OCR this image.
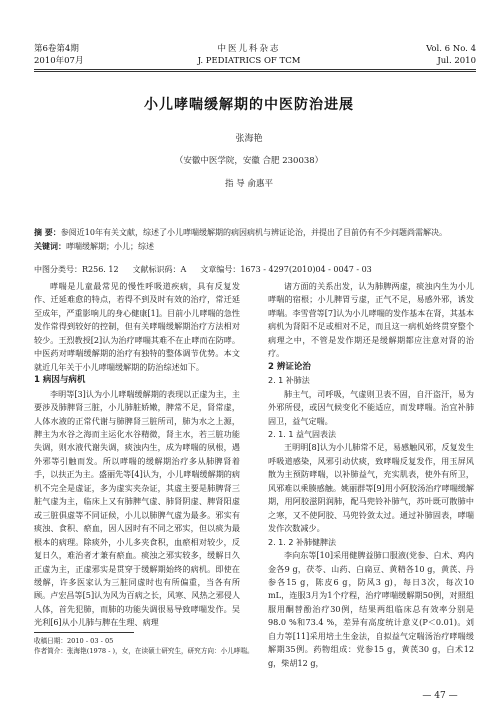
第6卷第4期
2010年07月
中医儿科杂志
J. PEDIATRICS OF TCM
Vol. 6 No. 4
Jul. 2010
小儿哮喘缓解期的中医防治进展
张海艳
（安徽中医学院，安徽 合肥 230038）
指 导 俞惠平
摘 要：参阅近10年有关文献，综述了小儿哮喘缓解期的病因病机与辨证论治，并提出了目前仍有不少问题尚需解决。
关键词：哮喘缓解期；小儿；综述
中图分类号：R256. 12 文献标识码：A 文章编号：1673 - 4297(2010)04 - 0047 - 03

哮喘是儿童最常见的慢性呼吸道疾病，具有反复发作、迁延难愈的特点，若得不到及时有效的治疗，常迁延至成年，严重影响儿的身心健康[1]。目前小儿哮喘的急性发作常得到较好的控制，但有关哮喘缓解期治疗方法相对较少。王烈教授[2]认为治疗哮喘其难不在止哮而在防哮。中医药对哮喘缓解期的治疗有独特的整体调节优势。本文就近几年关于小儿哮喘缓解期的防治综述如下。

1 病因与病机

李明等[3]认为小儿哮喘缓解期的表现以正虚为主，主要涉及肺脾肾三脏，小儿肺脏娇嫩，脾常不足，肾常虚，人体水液的正常代谢与肺脾肾三脏所司，肺为水之上源，脾主为水谷之海而主运化水谷精微，肾主水，若三脏功能失调，则水液代谢失调，痰浊内生，成为哮喘的夙根，遇外邪等引触而发。所以哮喘的缓解期治疗多从肺脾肾着手，以扶正为主。盛丽先等[4]认为，小儿哮喘缓解期的病机不完全是虚证，多为虚实夹杂证，其虚主要是肺脾肾三脏气虚为主，临床上又有肺脾气虚、肺肾阴虚、脾肾阳虚或三脏俱虚等不同证候，小儿以肺脾气虚为最多。邪实有痰浊、食积、瘀血，因人因时有不同之邪实，但以痰为最根本的病理。除痰外，小儿多夹食积，血瘀相对较少，反复日久，难治者才兼有瘀血。痰浊之邪实较多，缓解日久正虚为主，正虚邪实是贯穿于缓解期始终的病机。即使在缓解，许多医家认为三脏同虚时也有所偏重，当各有所顾。卢宏昌等[5]认为风为百病之长，风寒、风热之邪侵人人体，首先犯肺，而肺的功能失调很易导致哮喘发作。吴光利[6]从小儿肺与脾在生理、病理

诸方面的关系出发，认为肺脾两虚，痰浊内生为小儿哮喘的宿根；小儿脾胃亏虚，正气不足，易感外邪，诱发哮喘。李雪营等[7]认为小儿哮喘的发作基本在肾，其基本病机为肾阳不足或相对不足，而且这一病机始终贯穿整个病理之中，不管是发作期还是缓解期都应注意对肾的治疗。

2 辨证论治

2. 1 补肺法

肺主气，司呼吸，气虚则卫表不固，自汗盗汗，易为外邪所侵，或因气候变化不能适应，而发哮喘。治宜补肺固卫，益气定喘。

2. 1. 1 益气固表法

王明明[8]认为小儿肺常不足，易感触风邪，反复发生呼吸道感染，风邪引动伏痰，致哮喘反复发作，用玉屏风散为主预防哮喘，以补肺益气，充实肌表，使外有所卫，风邪难以乘腠感触。姚丽群等[9]用小阿胶汤治疗哮喘缓解期，用阿胶滋阴润肺，配马兜铃补肺气，苏叶既可散肺中之寒，又不使阿胶、马兜铃敛太过。通过补肺固表，哮喘发作次数减少。

2. 1. 2 补肺健脾法

李向东等[10]采用健脾益肺口服液(党参、白术、鸡内金各9 g，茯苓、山药、白扁豆、黄精各10 g，黄芪、丹参各15 g，陈皮6 g，防风3 g)，每日3次，每次10 mL，连服3月为1个疗程，治疗哮喘缓解期50例，对照组服用酮替酚治疗30例，结果两组临床总有效率分别是98.0 %和73.4 %，差异有高度统计意义(P＜0.01)。刘自力等[11]采用培土生金法，自拟益气定喘汤治疗哮喘缓解期35例。药物组成：党参15 g，黄芪30 g，白术12 g，柴胡12 g，

收稿日期：2010 - 03 - 05
作者简介：张海艳(1978 - )，女，在读硕士研究生，研究方向：小儿哮喘。
— 47 —
